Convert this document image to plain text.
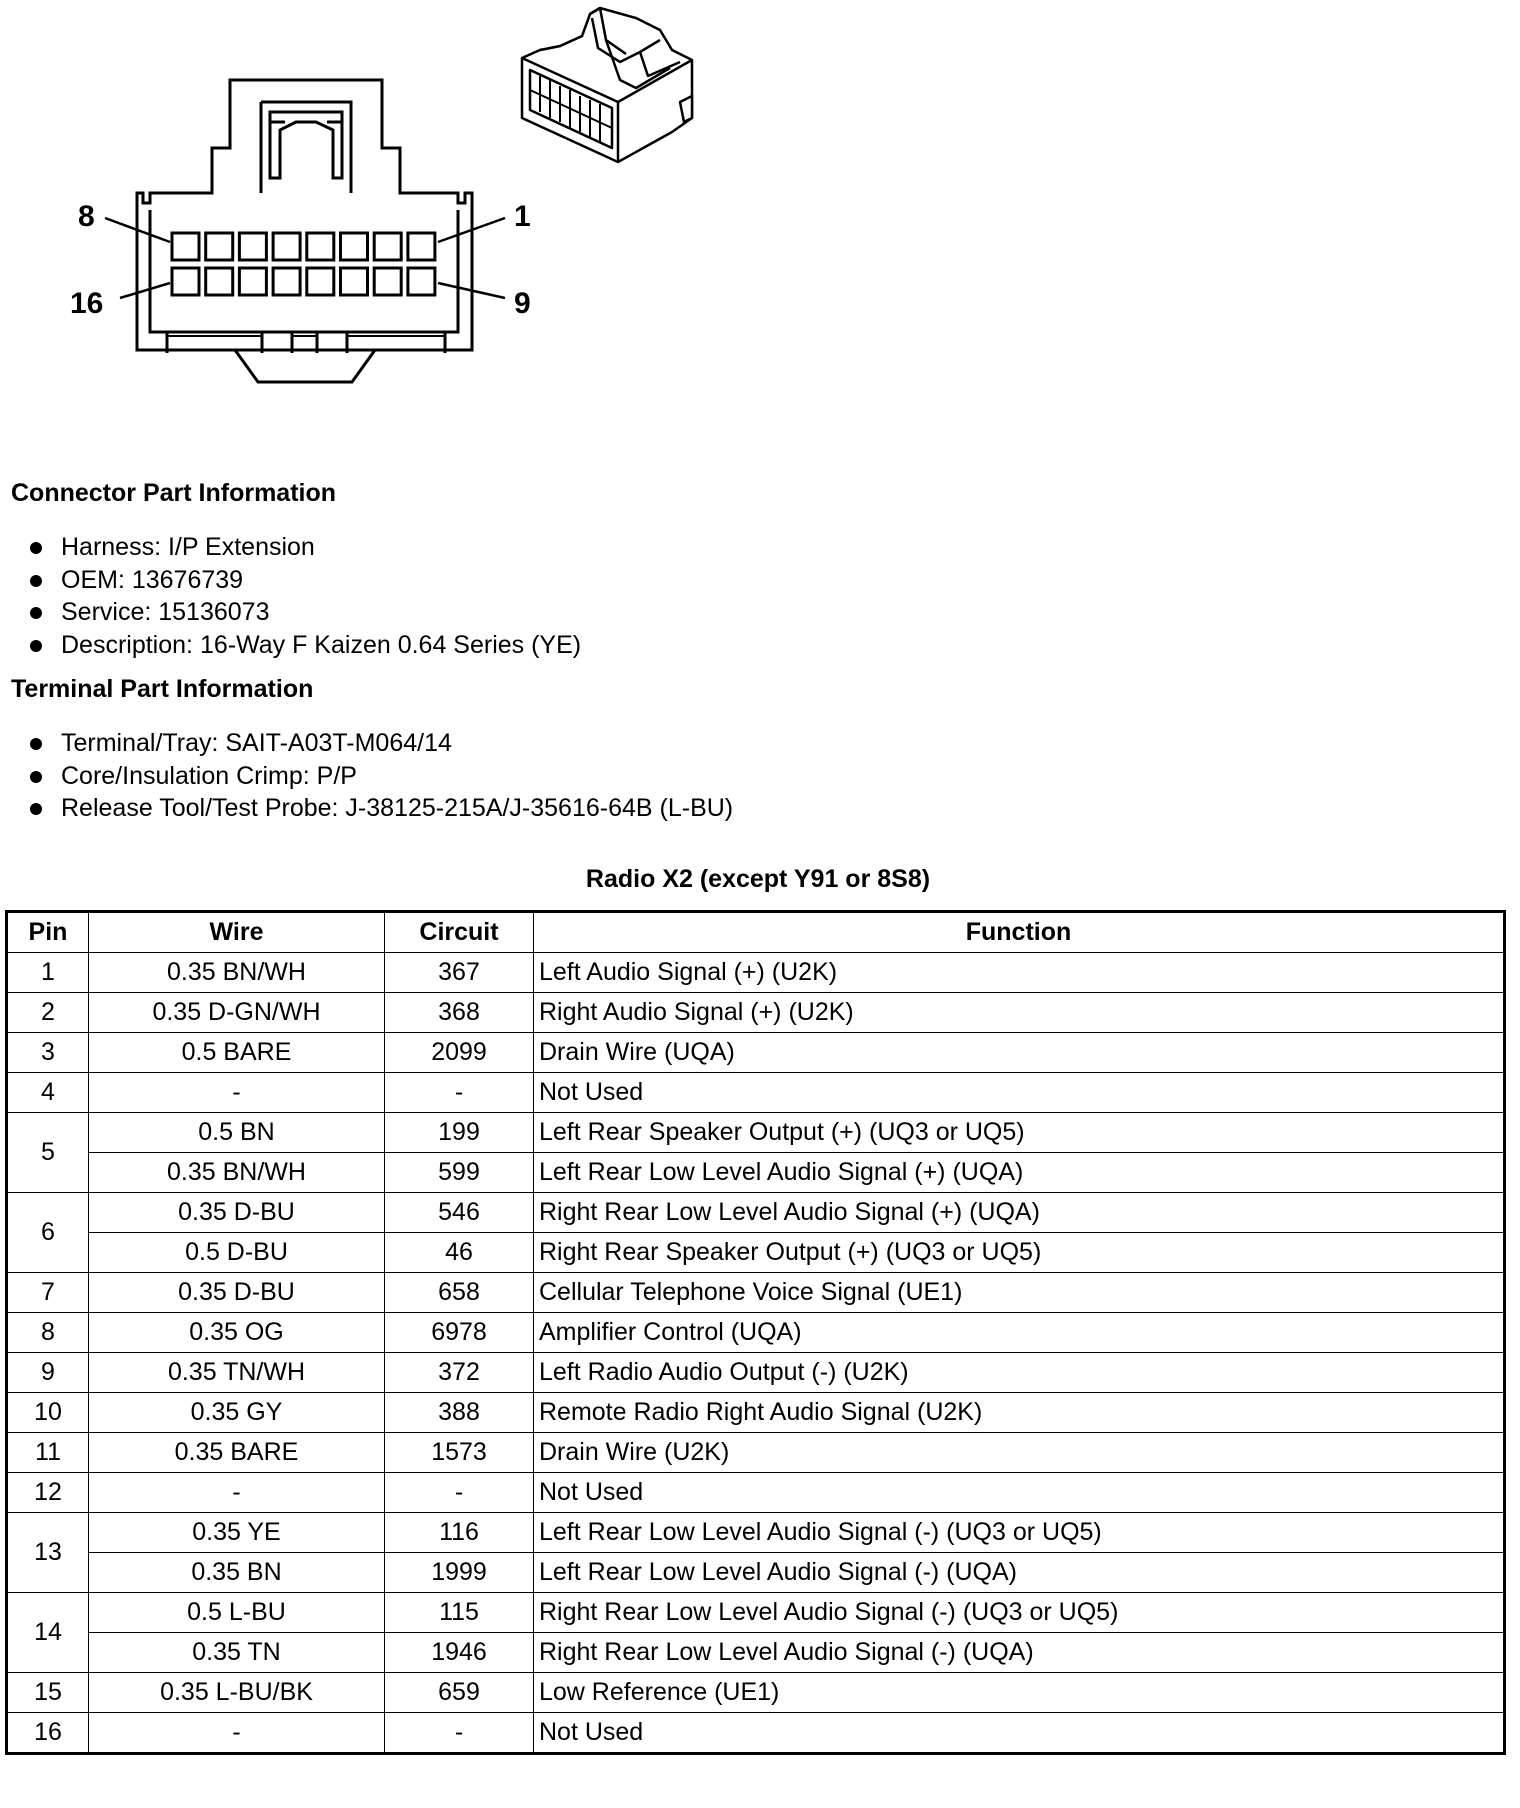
8	1
16	9
Connector Part Information
Harness: I/P Extension
OEM: 13676739
Service: 15136073
Description: 16-Way F Kaizen 0.64 Series (YE)
Terminal Part Information
Terminal/Tray: SAIT-A03T-M064/14
Core/Insulation Crimp: P/P
Release Tool/Test Probe: J-38125-215A/J-35616-64B (L-BU)
Radio X2 (except Y91 or 8S8)
Pin	Wire	Circuit	Function
1	0.35 BN/WH	367	Left Audio Signal (+) (U2K)
2	0.35 D-GN/WH	368	Right Audio Signal (+) (U2K)
3	0.5 BARE	2099	Drain Wire (UQA)
4	-	-	Not Used
5	0.5 BN	199	Left Rear Speaker Output (+) (UQ3 or UQ5)
	0.35 BN/WH	599	Left Rear Low Level Audio Signal (+) (UQA)
6	0.35 D-BU	546	Right Rear Low Level Audio Signal (+) (UQA)
	0.5 D-BU	46	Right Rear Speaker Output (+) (UQ3 or UQ5)
7	0.35 D-BU	658	Cellular Telephone Voice Signal (UE1)
8	0.35 OG	6978	Amplifier Control (UQA)
9	0.35 TN/WH	372	Left Radio Audio Output (-) (U2K)
10	0.35 GY	388	Remote Radio Right Audio Signal (U2K)
11	0.35 BARE	1573	Drain Wire (U2K)
12	-	-	Not Used
13	0.35 YE	116	Left Rear Low Level Audio Signal (-) (UQ3 or UQ5)
	0.35 BN	1999	Left Rear Low Level Audio Signal (-) (UQA)
14	0.5 L-BU	115	Right Rear Low Level Audio Signal (-) (UQ3 or UQ5)
	0.35 TN	1946	Right Rear Low Level Audio Signal (-) (UQA)
15	0.35 L-BU/BK	659	Low Reference (UE1)
16	-	-	Not Used
